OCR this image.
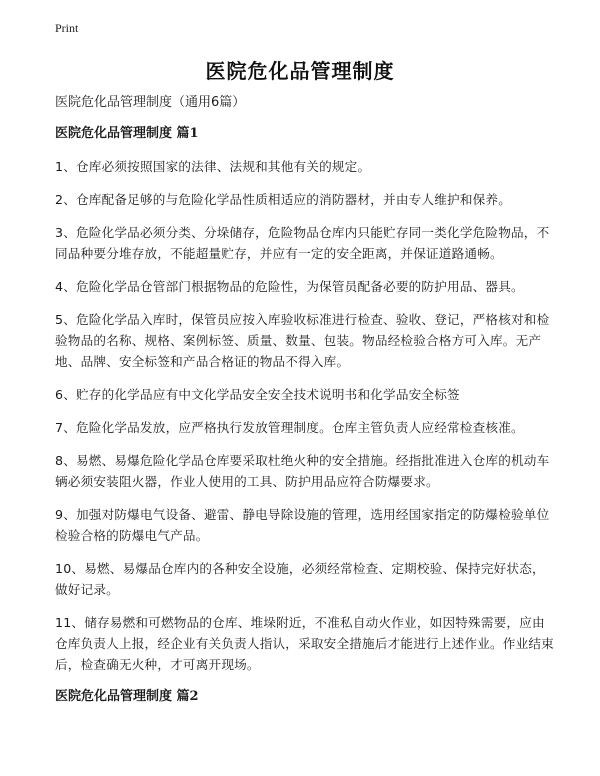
Print
医院危化品管理制度
医院危化品管理制度（通用6篇）
医院危化品管理制度 篇1

1、仓库必须按照国家的法律、法规和其他有关的规定。

2、仓库配备足够的与危险化学品性质相适应的消防器材，并由专人维护和保养。

3、危险化学品必须分类、分垛储存，危险物品仓库内只能贮存同一类化学危险物品，不同品种要分堆存放，不能超量贮存，并应有一定的安全距离，并保证道路通畅。

4、危险化学品仓管部门根据物品的危险性，为保管员配备必要的防护用品、器具。

5、危险化学品入库时，保管员应按入库验收标准进行检查、验收、登记，严格核对和检验物品的名称、规格、案例标签、质量、数量、包装。物品经检验合格方可入库。无产地、品牌、安全标签和产品合格证的物品不得入库。

6、贮存的化学品应有中文化学品安全安全技术说明书和化学品安全标签

7、危险化学品发放，应严格执行发放管理制度。仓库主管负责人应经常检查核准。

8、易燃、易爆危险化学品仓库要采取杜绝火种的安全措施。经指批准进入仓库的机动车辆必须安装阻火器，作业人使用的工具、防护用品应符合防爆要求。

9、加强对防爆电气设备、避雷、静电导除设施的管理，选用经国家指定的防爆检验单位检验合格的防爆电气产品。

10、易燃、易爆品仓库内的各种安全设施，必须经常检查、定期校验、保持完好状态，做好记录。

11、储存易燃和可燃物品的仓库、堆垛附近，不准私自动火作业，如因特殊需要，应由仓库负责人上报，经企业有关负责人指认，采取安全措施后才能进行上述作业。作业结束后，检查确无火种，才可离开现场。

医院危化品管理制度 篇2
